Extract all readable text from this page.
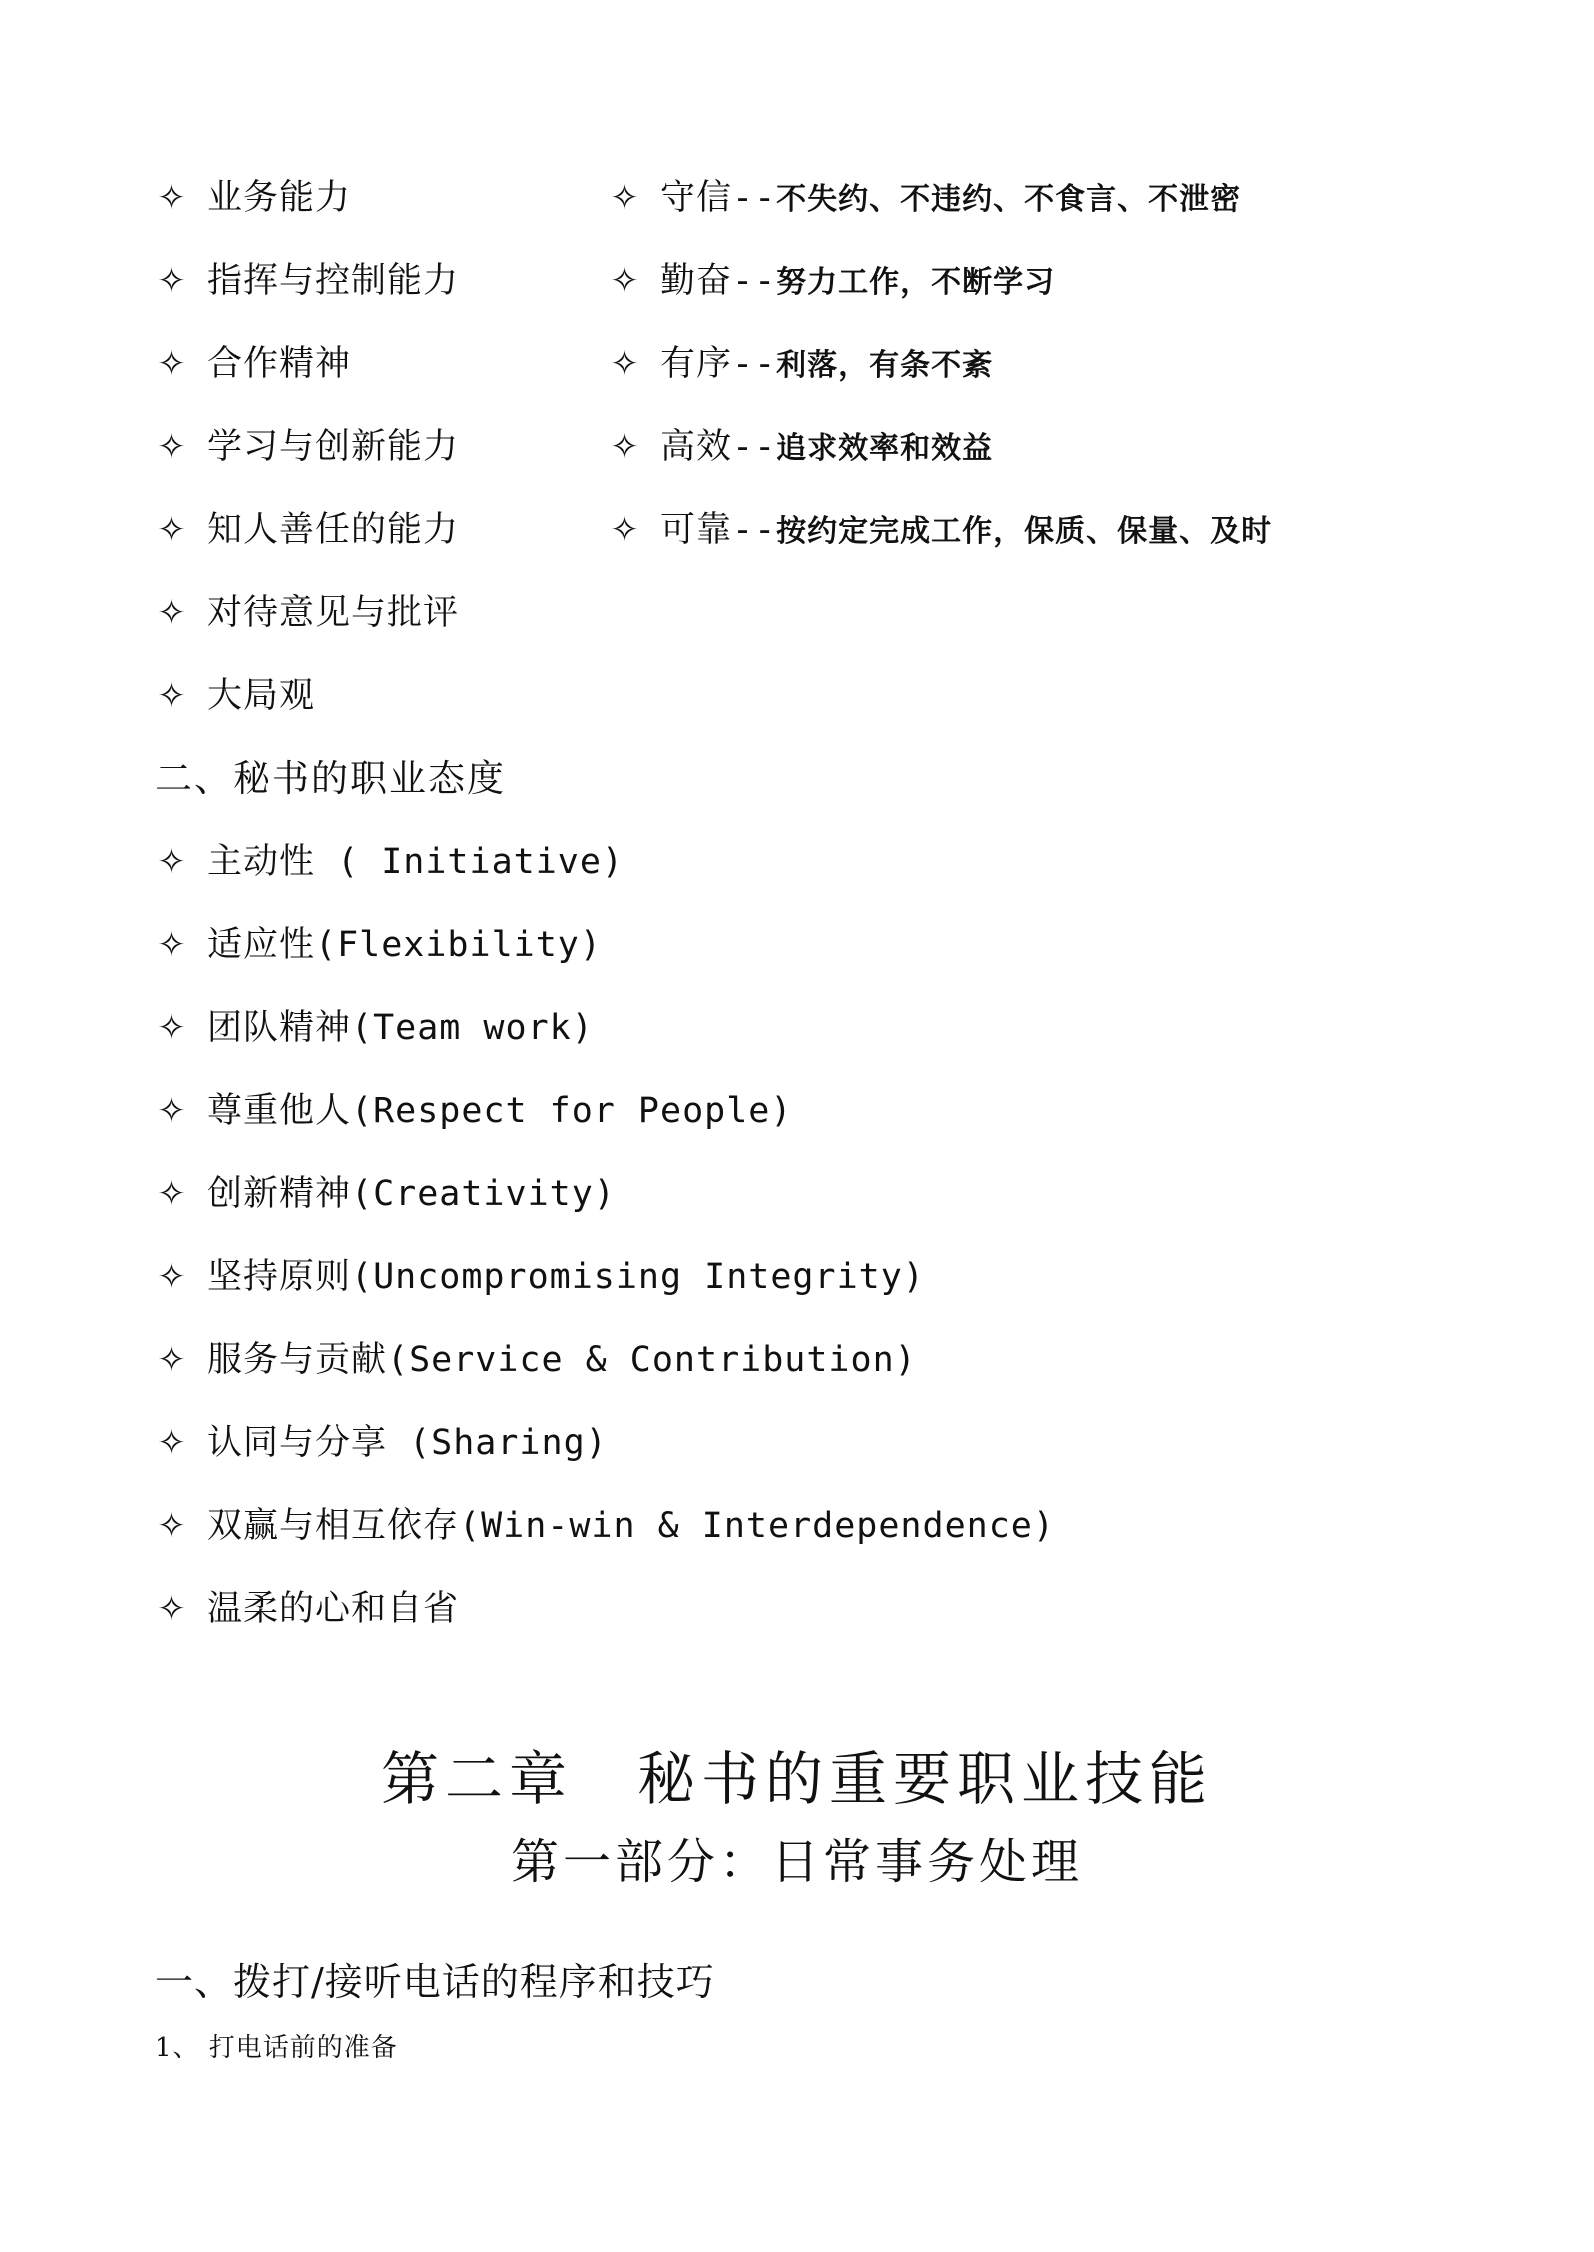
✧ 业务能力
✧ 指挥与控制能力
✧ 合作精神
✧ 学习与创新能力
✧ 知人善任的能力
✧ 对待意见与批评
✧ 大局观
✧ 守信--不失约、不违约、不食言、不泄密
✧ 勤奋--努力工作，不断学习
✧ 有序--利落，有条不紊
✧ 高效--追求效率和效益
✧ 可靠--按约定完成工作，保质、保量、及时
二、秘书的职业态度
✧ 主动性 ( Initiative)
✧ 适应性(Flexibility)
✧ 团队精神(Team work)
✧ 尊重他人(Respect for People)
✧ 创新精神(Creativity)
✧ 坚持原则(Uncompromising Integrity)
✧ 服务与贡献(Service & Contribution)
✧ 认同与分享 (Sharing)
✧ 双赢与相互依存(Win-win & Interdependence)
✧ 温柔的心和自省
第二章　秘书的重要职业技能
第一部分：日常事务处理
一、拨打/接听电话的程序和技巧
1、 打电话前的准备
